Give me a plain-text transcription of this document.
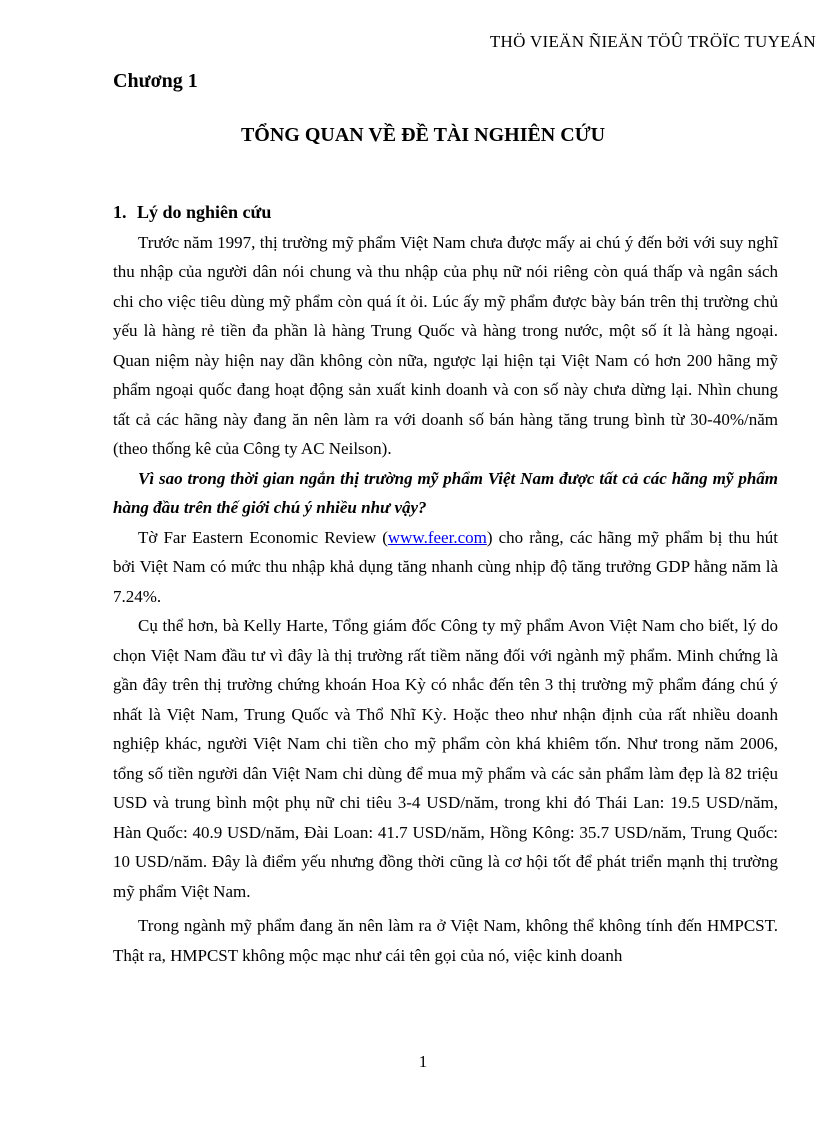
THÖ VIEÄN ÑIEÄN TÖÛ TRÖÏC TUYEÁN
Chương 1
TỔNG QUAN VỀ ĐỀ TÀI NGHIÊN CỨU
1. Lý do nghiên cứu

Trước năm 1997, thị trường mỹ phẩm Việt Nam chưa được mấy ai chú ý đến bởi với suy nghĩ thu nhập của người dân nói chung và thu nhập của phụ nữ nói riêng còn quá thấp và ngân sách chi cho việc tiêu dùng mỹ phẩm còn quá ít ỏi. Lúc ấy mỹ phẩm được bày bán trên thị trường chủ yếu là hàng rẻ tiền đa phần là hàng Trung Quốc và hàng trong nước, một số ít là hàng ngoại. Quan niệm này hiện nay dần không còn nữa, ngược lại hiện tại Việt Nam có hơn 200 hãng mỹ phẩm ngoại quốc đang hoạt động sản xuất kinh doanh và con số này chưa dừng lại. Nhìn chung tất cả các hãng này đang ăn nên làm ra với doanh số bán hàng tăng trung bình từ 30-40%/năm (theo thống kê của Công ty AC Neilson).

Vì sao trong thời gian ngắn thị trường mỹ phẩm Việt Nam được tất cả các hãng mỹ phẩm hàng đầu trên thế giới chú ý nhiều như vậy?

Tờ Far Eastern Economic Review (www.feer.com) cho rằng, các hãng mỹ phẩm bị thu hút bởi Việt Nam có mức thu nhập khả dụng tăng nhanh cùng nhịp độ tăng trưởng GDP hằng năm là 7.24%.

Cụ thể hơn, bà Kelly Harte, Tổng giám đốc Công ty mỹ phẩm Avon Việt Nam cho biết, lý do chọn Việt Nam đầu tư vì đây là thị trường rất tiềm năng đối với ngành mỹ phẩm. Minh chứng là gần đây trên thị trường chứng khoán Hoa Kỳ có nhắc đến tên 3 thị trường mỹ phẩm đáng chú ý nhất là Việt Nam, Trung Quốc và Thổ Nhĩ Kỳ. Hoặc theo như nhận định của rất nhiều doanh nghiệp khác, người Việt Nam chi tiền cho mỹ phẩm còn khá khiêm tốn. Như trong năm 2006, tổng số tiền người dân Việt Nam chi dùng để mua mỹ phẩm và các sản phẩm làm đẹp là 82 triệu USD và trung bình một phụ nữ chi tiêu 3-4 USD/năm, trong khi đó Thái Lan: 19.5 USD/năm, Hàn Quốc: 40.9 USD/năm, Đài Loan: 41.7 USD/năm, Hồng Kông: 35.7 USD/năm, Trung Quốc: 10 USD/năm. Đây là điểm yếu nhưng đồng thời cũng là cơ hội tốt để phát triển mạnh thị trường mỹ phẩm Việt Nam.

Trong ngành mỹ phẩm đang ăn nên làm ra ở Việt Nam, không thể không tính đến HMPCST. Thật ra, HMPCST không mộc mạc như cái tên gọi của nó, việc kinh doanh

1
